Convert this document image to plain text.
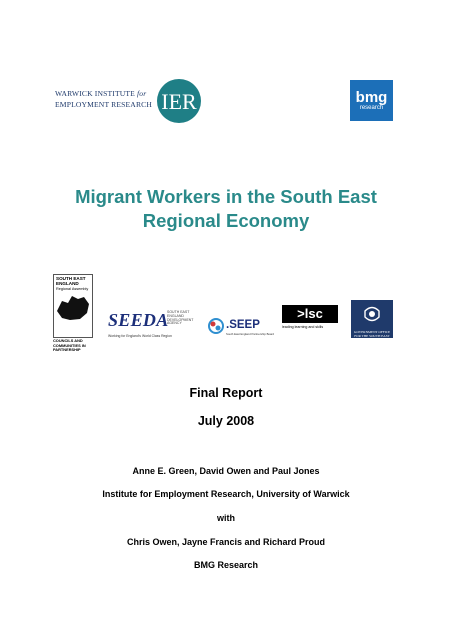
WARWICK INSTITUTE for
EMPLOYMENT RESEARCH IER	bmg
research
Migrant Workers in the South East
Regional Economy
SOUTH EAST ENGLAND
Regional Assembly
COUNCILS AND COMMUNITIES IN PARTNERSHIP
SEEDA
SOUTH EAST ENGLAND DEVELOPMENT AGENCY
Working for England's World Class Region
.SEEP
South East England Partnership Board
>lsc
leading learning and skills
GOVERNMENT OFFICE FOR THE SOUTH EAST
Final Report
July 2008
Anne E. Green, David Owen and Paul Jones
Institute for Employment Research, University of Warwick
with
Chris Owen, Jayne Francis and Richard Proud
BMG Research
